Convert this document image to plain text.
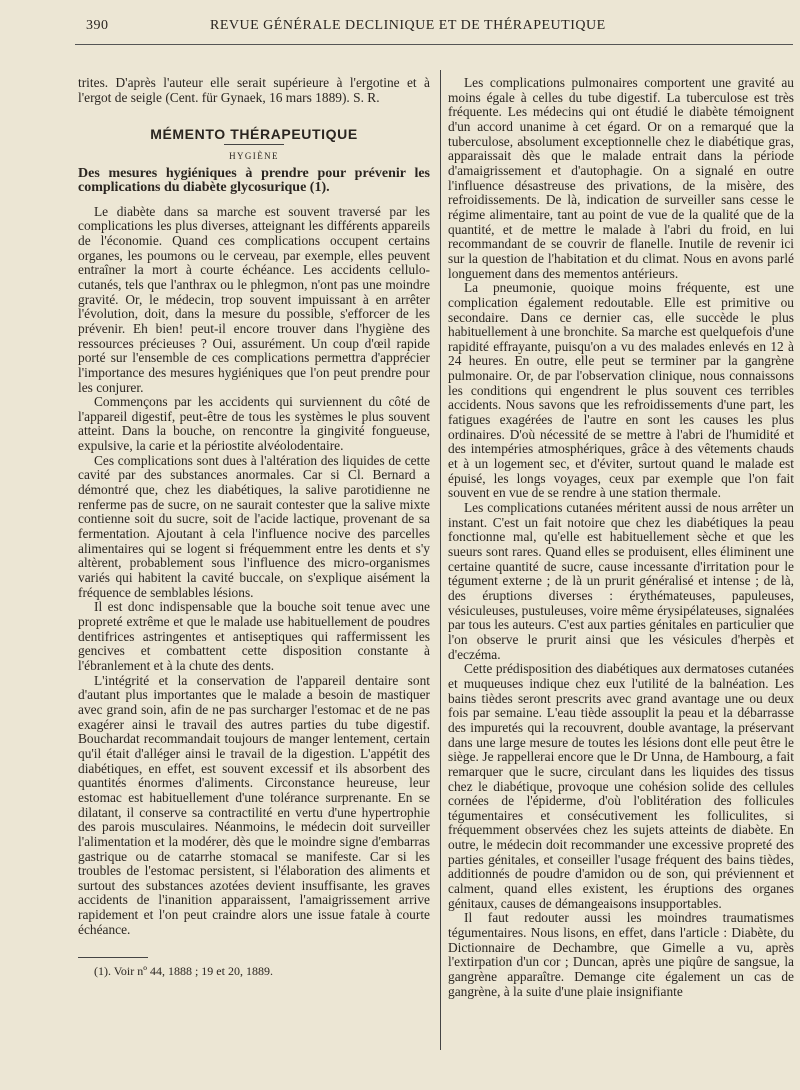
390	REVUE GÉNÉRALE DECLINIQUE ET DE THÉRAPEUTIQUE

trites. D'après l'auteur elle serait supérieure à l'ergotine et à l'ergot de seigle (Cent. für Gynaek, 16 mars 1889). S. R.

MÉMENTO THÉRAPEUTIQUE
HYGIÈNE
Des mesures hygiéniques à prendre pour prévenir les complications du diabète glycosurique (1).

Le diabète dans sa marche est souvent traversé par les complications les plus diverses, atteignant les différents appareils de l'économie. Quand ces complications occupent certains organes, les poumons ou le cerveau, par exemple, elles peuvent entraîner la mort à courte échéance. Les accidents cellulo-cutanés, tels que l'anthrax ou le phlegmon, n'ont pas une moindre gravité. Or, le médecin, trop souvent impuissant à en arrêter l'évolution, doit, dans la mesure du possible, s'efforcer de les prévenir. Eh bien! peut-il encore trouver dans l'hygiène des ressources précieuses ? Oui, assurément. Un coup d'œil rapide porté sur l'ensemble de ces complications permettra d'apprécier l'importance des mesures hygiéniques que l'on peut prendre pour les conjurer.

Commençons par les accidents qui surviennent du côté de l'appareil digestif, peut-être de tous les systèmes le plus souvent atteint. Dans la bouche, on rencontre la gingivité fongueuse, expulsive, la carie et la périostite alvéolodentaire.

Ces complications sont dues à l'altération des liquides de cette cavité par des substances anormales. Car si Cl. Bernard a démontré que, chez les diabétiques, la salive parotidienne ne renferme pas de sucre, on ne saurait contester que la salive mixte contienne soit du sucre, soit de l'acide lactique, provenant de sa fermentation. Ajoutant à cela l'influence nocive des parcelles alimentaires qui se logent si fréquemment entre les dents et s'y altèrent, probablement sous l'influence des micro-organismes variés qui habitent la cavité buccale, on s'explique aisément la fréquence de semblables lésions.

Il est donc indispensable que la bouche soit tenue avec une propreté extrême et que le malade use habituellement de poudres dentifrices astringentes et antiseptiques qui raffermissent les gencives et combattent cette disposition constante à l'ébranlement et à la chute des dents.

L'intégrité et la conservation de l'appareil dentaire sont d'autant plus importantes que le malade a besoin de mastiquer avec grand soin, afin de ne pas surcharger l'estomac et de ne pas exagérer ainsi le travail des autres parties du tube digestif. Bouchardat recommandait toujours de manger lentement, certain qu'il était d'alléger ainsi le travail de la digestion. L'appétit des diabétiques, en effet, est souvent excessif et ils absorbent des quantités énormes d'aliments. Circonstance heureuse, leur estomac est habituellement d'une tolérance surprenante. En se dilatant, il conserve sa contractilité en vertu d'une hypertrophie des parois musculaires. Néanmoins, le médecin doit surveiller l'alimentation et la modérer, dès que le moindre signe d'embarras gastrique ou de catarrhe stomacal se manifeste. Car si les troubles de l'estomac persistent, si l'élaboration des aliments et surtout des substances azotées devient insuffisante, les graves accidents de l'inanition apparaissent, l'amaigrissement arrive rapidement et l'on peut craindre alors une issue fatale à courte échéance.

(1). Voir nº 44, 1888 ; 19 et 20, 1889.

Les complications pulmonaires comportent une gravité au moins égale à celles du tube digestif. La tuberculose est très fréquente. Les médecins qui ont étudié le diabète témoignent d'un accord unanime à cet égard. Or on a remarqué que la tuberculose, absolument exceptionnelle chez le diabétique gras, apparaissait dès que le malade entrait dans la période d'amaigrissement et d'autophagie. On a signalé en outre l'influence désastreuse des privations, de la misère, des refroidissements. De là, indication de surveiller sans cesse le régime alimentaire, tant au point de vue de la qualité que de la quantité, et de mettre le malade à l'abri du froid, en lui recommandant de se couvrir de flanelle. Inutile de revenir ici sur la question de l'habitation et du climat. Nous en avons parlé longuement dans des mementos antérieurs.

La pneumonie, quoique moins fréquente, est une complication également redoutable. Elle est primitive ou secondaire. Dans ce dernier cas, elle succède le plus habituellement à une bronchite. Sa marche est quelquefois d'une rapidité effrayante, puisqu'on a vu des malades enlevés en 12 à 24 heures. En outre, elle peut se terminer par la gangrène pulmonaire. Or, de par l'observation clinique, nous connaissons les conditions qui engendrent le plus souvent ces terribles accidents. Nous savons que les refroidissements d'une part, les fatigues exagérées de l'autre en sont les causes les plus ordinaires. D'où nécessité de se mettre à l'abri de l'humidité et des intempéries atmosphériques, grâce à des vêtements chauds et à un logement sec, et d'éviter, surtout quand le malade est épuisé, les longs voyages, ceux par exemple que l'on fait souvent en vue de se rendre à une station thermale.

Les complications cutanées méritent aussi de nous arrêter un instant. C'est un fait notoire que chez les diabétiques la peau fonctionne mal, qu'elle est habituellement sèche et que les sueurs sont rares. Quand elles se produisent, elles éliminent une certaine quantité de sucre, cause incessante d'irritation pour le tégument externe ; de là un prurit généralisé et intense ; de là, des éruptions diverses : érythémateuses, papuleuses, vésiculeuses, pustuleuses, voire même érysipélateuses, signalées par tous les auteurs. C'est aux parties génitales en particulier que l'on observe le prurit ainsi que les vésicules d'herpès et d'eczéma.

Cette prédisposition des diabétiques aux dermatoses cutanées et muqueuses indique chez eux l'utilité de la balnéation. Les bains tièdes seront prescrits avec grand avantage une ou deux fois par semaine. L'eau tiède assouplit la peau et la débarrasse des impuretés qui la recouvrent, double avantage, la préservant dans une large mesure de toutes les lésions dont elle peut être le siège. Je rappellerai encore que le Dr Unna, de Hambourg, a fait remarquer que le sucre, circulant dans les liquides des tissus chez le diabétique, provoque une cohésion solide des cellules cornées de l'épiderme, d'où l'oblitération des follicules tégumentaires et consécutivement les folliculites, si fréquemment observées chez les sujets atteints de diabète. En outre, le médecin doit recommander une excessive propreté des parties génitales, et conseiller l'usage fréquent des bains tièdes, additionnés de poudre d'amidon ou de son, qui préviennent et calment, quand elles existent, les éruptions des organes génitaux, causes de démangeaisons insupportables.

Il faut redouter aussi les moindres traumatismes tégumentaires. Nous lisons, en effet, dans l'article : Diabète, du Dictionnaire de Dechambre, que Gimelle a vu, après l'extirpation d'un cor ; Duncan, après une piqûre de sangsue, la gangrène apparaître. Demange cite également un cas de gangrène, à la suite d'une plaie insignifiante
